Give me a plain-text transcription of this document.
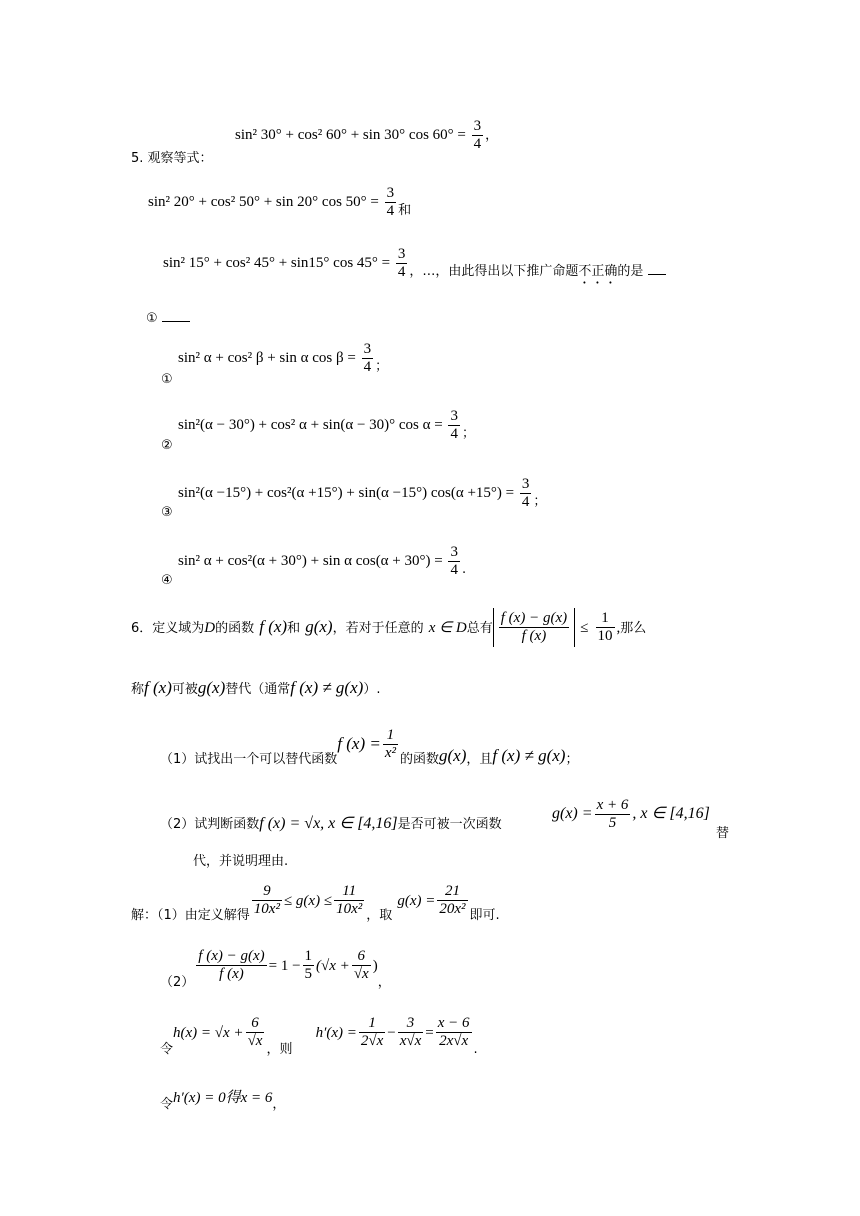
sin² 30° + cos² 60° + sin 30° $\cos 60^\circ = \frac{3}{4}$ ，
5. 观察等式：
sin² 20° + cos² 50° + sin 20° $\cos 50^\circ = \frac{3}{4}$ 和
sin² 15° + cos² 45° + sin15° $\cos 45^\circ = \frac{3}{4}$ ，…，由此得出以下推广命题不正确的是
①
sin² α + cos² β + sin α $\cos \beta = \frac{3}{4}$ ；
①
sin²(α − 30°) + cos² α + sin(α − 30)° $\cos \alpha = \frac{3}{4}$ ；
②
sin²(α −15°) + cos²(α +15°) + sin(α −15°) $\cos(\alpha +15^\circ) = \frac{3}{4}$ ；
③
sin² α + cos²(α + 30°) + sin α $\cos(\alpha + 30^\circ) = \frac{3}{4}$ .
④
6．定义域为D的函数 f (x)和 g(x)，若对于任意的 x ∈ D总有 $\frac{f (x) - g(x)}{f (x)} \le \frac{1}{10}$ ,那么
称f (x)可被g(x)替代（通常f (x) ≠ g(x)）.
$_{(1)试找出一个可以替代函数}$f $(x) = \frac{1}{\text{x²}} _{的函数}g(x)_{,且}f$ $(x) \ne g(x)_;$
（2）试判断函数f (x) = √x, x ∈ [4,16]是否可被一次函数
$g(x) = \frac{x + 6}{5}$ , x ∈ [4,16]
替
代，并说明理由.
$_{解:(1)由定义解得} \frac{9}{\text{10x²}} \le g(x) \le \frac{11}{\text{10x²}} _{,取}$ $g(x) = \frac{21}{\text{20x²}} _{即可.}$
$_{(2)} \frac{f (x) - g(x)}{f (x)} = 1 - \frac{1}{5} (√x + \frac{6}{√x} )_,$
$_令h(x) = √x + \frac{6}{√x} _{,则}$ $h'(x) = \frac{1}{2√x} - \frac{3}{x√x} = \frac{x - 6}{2x√x} _.$
$_令$h′(x) = 0得$x = 6_,$
